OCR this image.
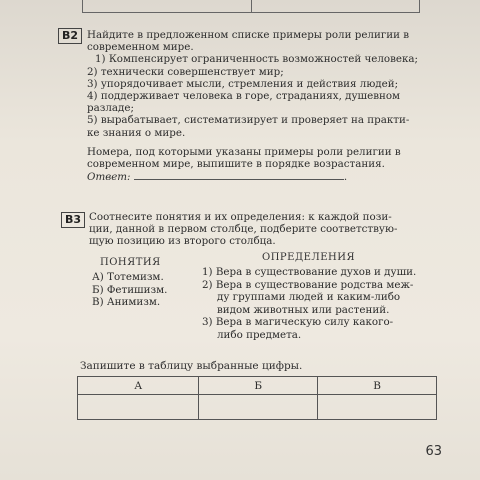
B2 Найдите в предложенном списке примеры роли религии в

современном мире.

1) Компенсирует ограниченность возможностей человека;

2) технически совершенствует мир;

3) упорядочивает мысли, стремления и действия людей;

4) поддерживает человека в горе, страданиях, душевном

разладе;

5) вырабатывает, систематизирует и проверяет на практи-

ке знания о мире.

Номера, под которыми указаны примеры роли религии в

современном мире, выпишите в порядке возрастания.

Ответ:	.

B3 Соотнесите понятия и их определения: к каждой пози-

ции, данной в первом столбце, подберите соответствую-

щую позицию из второго столбца.

ПОНЯТИЯ	ОПРЕДЕЛЕНИЯ

А) Тотемизм.

Б) Фетишизм.

В) Анимизм.

1) Вера в существование духов и души.

2) Вера в существование родства меж-

ду группами людей и каким-либо

видом животных или растений.

3) Вера в магическую силу какого-

либо предмета.

Запишите в таблицу выбранные цифры.
А	Б	В

63
